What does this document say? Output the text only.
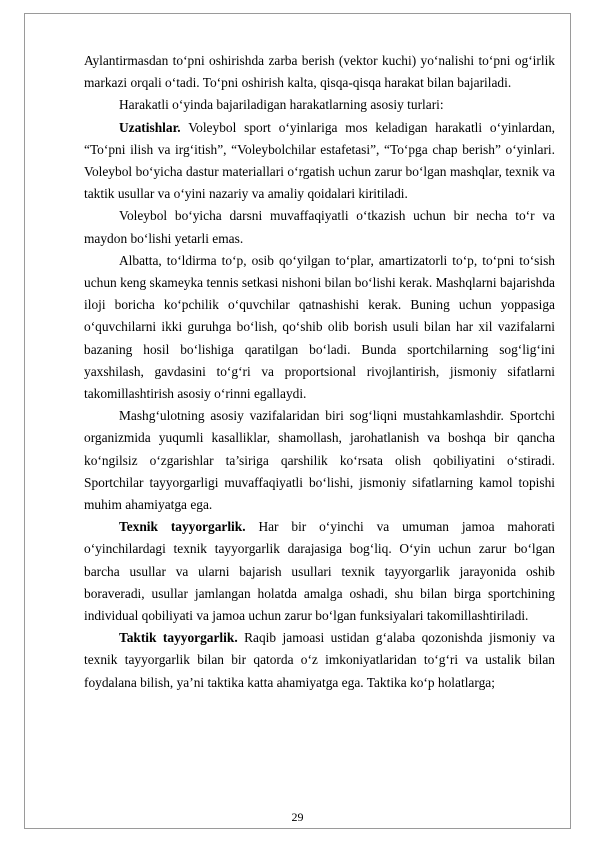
Aylantirmasdan to‘pni oshirishda zarba berish (vektor kuchi) yo‘nalishi to‘pni og‘irlik markazi orqali o‘tadi. To‘pni oshirish kalta, qisqa-qisqa harakat bilan bajariladi.

Harakatli o‘yinda bajariladigan harakatlarning asosiy turlari:

Uzatishlar. Voleybol sport o‘yinlariga mos keladigan harakatli o‘yinlardan, “To‘pni ilish va irg‘itish”, “Voleybolchilar estafetasi”, “To‘pga chap berish” o‘yinlari. Voleybol bo‘yicha dastur materiallari o‘rgatish uchun zarur bo‘lgan mashqlar, texnik va taktik usullar va o‘yini nazariy va amaliy qoidalari kiritiladi.

Voleybol bo‘yicha darsni muvaffaqiyatli o‘tkazish uchun bir necha to‘r va maydon bo‘lishi yetarli emas.

Albatta, to‘ldirma to‘p, osib qo‘yilgan to‘plar, amartizatorli to‘p, to‘pni to‘sish uchun keng skameyka tennis setkasi nishoni bilan bo‘lishi kerak. Mashqlarni bajarishda iloji boricha ko‘pchilik o‘quvchilar qatnashishi kerak. Buning uchun yoppasiga o‘quvchilarni ikki guruhga bo‘lish, qo‘shib olib borish usuli bilan har xil vazifalarni bazaning hosil bo‘lishiga qaratilgan bo‘ladi. Bunda sportchilarning sog‘lig‘ini yaxshilash, gavdasini to‘g‘ri va proportsional rivojlantirish, jismoniy sifatlarni takomillashtirish asosiy o‘rinni egallaydi.

Mashg‘ulotning asosiy vazifalaridan biri sog‘liqni mustahkamlashdir. Sportchi organizmida yuqumli kasalliklar, shamollash, jarohatlanish va boshqa bir qancha ko‘ngilsiz o‘zgarishlar ta’siriga qarshilik ko‘rsata olish qobiliyatini o‘stiradi. Sportchilar tayyorgarligi muvaffaqiyatli bo‘lishi, jismoniy sifatlarning kamol topishi muhim ahamiyatga ega.

Texnik tayyorgarlik. Har bir o‘yinchi va umuman jamoa mahorati o‘yinchilardagi texnik tayyorgarlik darajasiga bog‘liq. O‘yin uchun zarur bo‘lgan barcha usullar va ularni bajarish usullari texnik tayyorgarlik jarayonida oshib boraveradi, usullar jamlangan holatda amalga oshadi, shu bilan birga sportchining individual qobiliyati va jamoa uchun zarur bo‘lgan funksiyalari takomillashtiriladi.

Taktik tayyorgarlik. Raqib jamoasi ustidan g‘alaba qozonishda jismoniy va texnik tayyorgarlik bilan bir qatorda o‘z imkoniyatlaridan to‘g‘ri va ustalik bilan foydalana bilish, ya’ni taktika katta ahamiyatga ega. Taktika ko‘p holatlarga;

29
